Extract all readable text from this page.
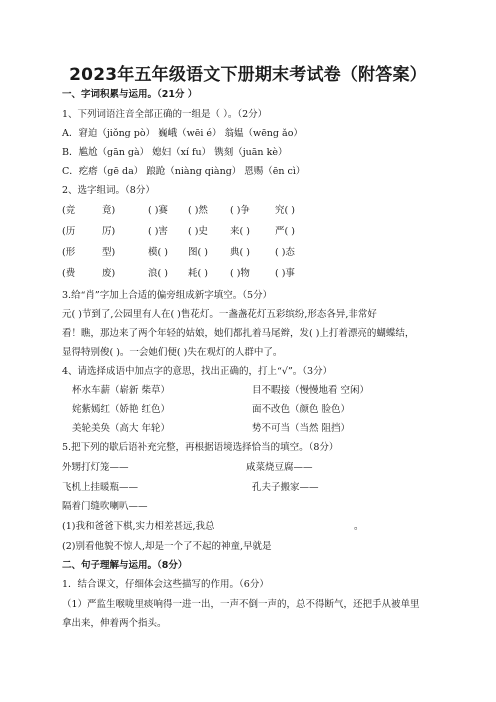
2023年五年级语文下册期末考试卷（附答案）
一、字词积累与运用。（21分 ）
1、下列词语注音全部正确的一组是（ ）。（2分）
A．窘迫（jiǒng pò） 巍峨（wēi é） 翁媪（wēng ǎo）
B．尴尬（gān gà） 媳妇（xí fu） 镌刻（juān kè）
C．疙瘩（gē da） 踉跄（niàng qiàng） 恩赐（ēn cì）
2、选字组词。（8分）
(竞	竟)	( )赛 ( )然 ( )争	究( )
(历	厉)	( )害 ( )史 来( )	严( )
(形	型)	模( ) 图( ) 典( )	( )态
(费	废)	浪( ) 耗( ) ( )物	( )事
3.给“肖”字加上合适的偏旁组成新字填空。（5分）
元( )节到了,公园里有人在( )售花灯。一盏盏花灯五彩缤纷,形态各异,非常好
看！瞧，那边来了两个年轻的姑娘，她们都扎着马尾辫，发( )上打着漂亮的蝴蝶结，
显得特别俊( )。一会她们便( )失在观灯的人群中了。
4、请选择成语中加点字的意思，找出正确的，打上“√”。（3分）
杯水车薪（崭新 柴草）	目不暇接（慢慢地看 空闲）
姹紫嫣红（娇艳 红色）	面不改色（颜色 脸色）
美轮美奂（高大 年轮）	势不可当（当然 阻挡）
5.把下列的歇后语补充完整，再根据语境选择恰当的填空。（8分）
外甥打灯笼——	咸菜烧豆腐——
飞机上挂暖瓶——	孔夫子搬家——
隔着门缝吹喇叭——
(1)我和爸爸下棋,实力相差甚远,我总	。
(2)别看他貌不惊人,却是一个了不起的神童,早就是
二、句子理解与运用。（8分）
1．结合课文，仔细体会这些描写的作用。（6分）
（1）严监生喉咙里痰响得一进一出，一声不倒一声的，总不得断气，还把手从被单里
拿出来，伸着两个指头。
